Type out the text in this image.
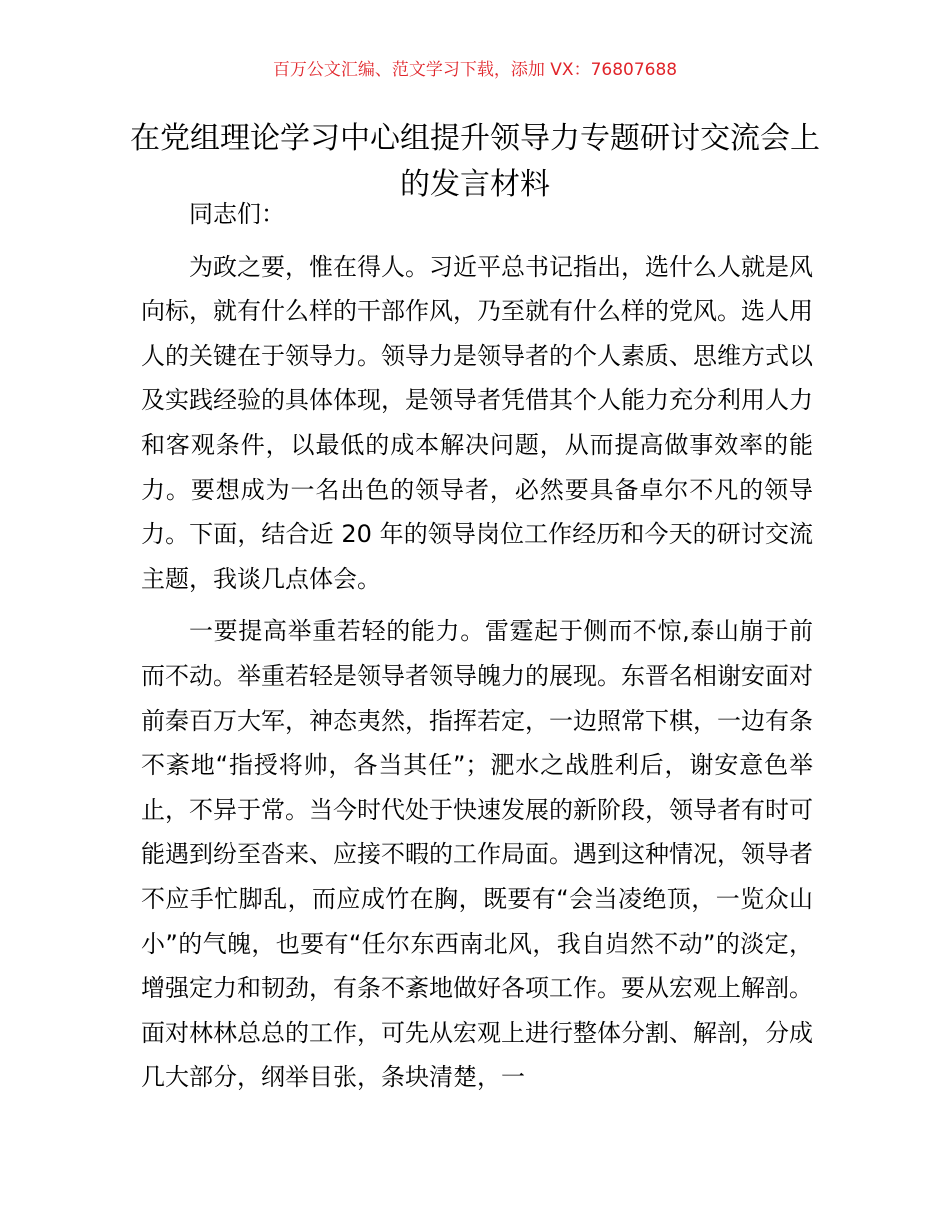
百万公文汇编、范文学习下载，添加 VX：76807688
在党组理论学习中心组提升领导力专题研讨交流会上的发言材料

同志们：

为政之要，惟在得人。习近平总书记指出，选什么人就是风向标，就有什么样的干部作风，乃至就有什么样的党风。选人用人的关键在于领导力。领导力是领导者的个人素质、思维方式以及实践经验的具体体现，是领导者凭借其个人能力充分利用人力和客观条件，以最低的成本解决问题，从而提高做事效率的能力。要想成为一名出色的领导者，必然要具备卓尔不凡的领导力。下面，结合近 20 年的领导岗位工作经历和今天的研讨交流主题，我谈几点体会。

一要提高举重若轻的能力。雷霆起于侧而不惊,泰山崩于前而不动。举重若轻是领导者领导魄力的展现。东晋名相谢安面对前秦百万大军，神态夷然，指挥若定，一边照常下棋，一边有条不紊地“指授将帅，各当其任”；淝水之战胜利后，谢安意色举止，不异于常。当今时代处于快速发展的新阶段，领导者有时可能遇到纷至沓来、应接不暇的工作局面。遇到这种情况，领导者不应手忙脚乱，而应成竹在胸，既要有“会当凌绝顶，一览众山小”的气魄，也要有“任尔东西南北风，我自岿然不动”的淡定，增强定力和韧劲，有条不紊地做好各项工作。要从宏观上解剖。面对林林总总的工作，可先从宏观上进行整体分割、解剖，分成几大部分，纲举目张，条块清楚，一
